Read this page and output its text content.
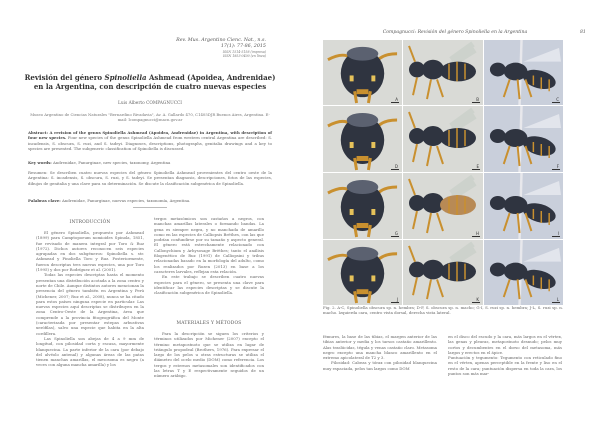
Rev. Mus. Argentino Cienc. Nat., n.s.
17(1): 77-86, 2015
ISSN 1514-5158 (impresa)
ISSN 1853-0400 (en línea)
Revisión del género Spinoliella Ashmead (Apoidea, Andrenidae) en la Argentina, con descripción de cuatro nuevas especies
Luis Alberto COMPAGNUCCI
Museo Argentino de Ciencias Naturales "Bernardino Rivadavia", Av. A. Gallardo 470, C1405DJR Buenos Aires, Argentina. E-mail: lcompagnucci@macn.gov.ar
Abstract: A revision of the genus Spinoliella Ashmead (Apoidea, Andrenidae) in Argentina, with description of four new species. Four new species of the genus Spinoliella Ashmead from western central Argentina are described: S. incadensis, S. obscura, S. ruzi, and S. tadeyi. Diagnoses, descriptions, photographs, genitalia drawings and a key to species are presented. The subgeneric classification of Spinoliella is discussed.
Key words: Andrenidae, Panurginae, new species, taxonomy, Argentina
Resumen: Se describen cuatro nuevas especies del género Spinoliella Ashmead provenientes del centro oeste de la Argentina: S. incadensis, S. obscura, S. ruzi, y S. tadeyi. Se presentan diagnosis, descripciones, fotos de las especies, dibujos de genitalia y una clave para su determinación. Se discute la clasificación subgenérica de Spinoliella.
Palabras clave: Andrenidae, Panurginae, nuevas especies, taxonomía, Argentina.
INTRODUCCIÓN

El género Spinoliella, propuesto por Ashmead (1899) para Camptopoeum nomioides Spinola, 1851, fue revisado de manera integral por Toro & Ruz (1972). Dichos autores reconocen seis especies agrupadas en dos subgéneros: Spinoliella s. str. Ashmead y Pinoliella Toro y Ruz. Posteriormente, fueron descriptas tres nuevas especies, una por Toro (1995) y dos por Rodríguez et al. (2001).

Todas las especies descriptas hasta el momento presentan una distribución acotada a la zona centro y norte de Chile. Aunque distintos autores mencionan la presencia del género también en Argentina y Perú (Michener, 2007; Ruz et al., 2008), nunca se ha citado para estos países ninguna especie en particular. Las nuevas especies aquí descriptas se distribuyen en la zona Centro-Oeste de la Argentina, área que comprende a la provincia fitogeográfica del Monte (caracterizada por presentar estepas arbustivas xerófilas), salvo una especie que habita en la alta cordillera.

Las Spinoliella son abejas de 4 a 9 mm de longitud, con pilosidad corta y escasa, mayormente blanquecina. La parte inferior de la cara (por debajo del alvéolo antenal) y algunas áreas de las patas tienen manchas amarillas, el mesosoma es negro (a veces con alguna mancha amarilla) y los

tergos metasómicos son castaños a negros, con manchas amarillas laterales o formando bandas. La gena es siempre negra, y no manchada de amarillo como en las especies de Calliopsis Brèthes, con las que podrían confundirse por su tamaño y aspecto general. El género está estrechamente relacionado con Callonychium y Arhysosage Brèthes; tanto el análisis filogenético de Ruz (1991) de Calliopsini y tribus relacionadas basado en la morfología del adulto, como los realizados por Rozen (2013) en base a los caracteres larvales, reflejan esta relación.

En este trabajo se describen cuatro nuevas especies para el género, se presenta una clave para identificar las especies descriptas y se discute la clasificación subgenérica de Spinoliella.

MATERIALES Y MÉTODOS

Para la descripción se siguen los criterios y términos utilizados por Michener (2007) excepto el término metapostnoto que se utiliza en lugar de triángulo propodeal (Brothers, 1976). Para expresar el largo de los pelos u otras estructuras se utiliza el diámetro del ocelo medio (DOM) como referencia. Los tergos y esternos metasomales son identificados con las letras T y E respectivamente seguidos de un número arábigo.

Compagnucci: Revisión del género Spinoliella en la Argentina	81
A	B	C
D	E	F
G	H	I
J	K	L
Fig. 2. A-C, Spinoliella obscura sp. n. hembra; D-F, S. obscura sp. n. macho; G-I, S. ruzi sp. n. hembra; J-L, S. ruzi sp. n. macho. Izquierda cara, centro vista dorsal, derecha vista lateral.

fémures, la base de las tibias, el margen anterior de las tibias anterior y media y los tarsos castaño amarillento. Alas traslúcidas, tégula y venas castaño claro. Metasoma negro excepto una mancha blanco amarillento en el extremo apicolateral de T2 y 3.

Pilosidad: Cabeza y tórax con pilosidad blanquecina muy espaciada, pelos tan largos como DOM

en el disco del escudo y la cara, más largos en el vértex, las genas y pleuras, metapostnoto desnudo; pelos muy cortos y decumbentes en el dorso del metasoma, más largos y erectos en el ápice.

Puntuación y tegumento: Tegumento con reticulado fino en el vértex, apenas perceptible en la frente y liso en el resto de la cara; puntuación dispersa en toda la cara, los puntos son más mar-
